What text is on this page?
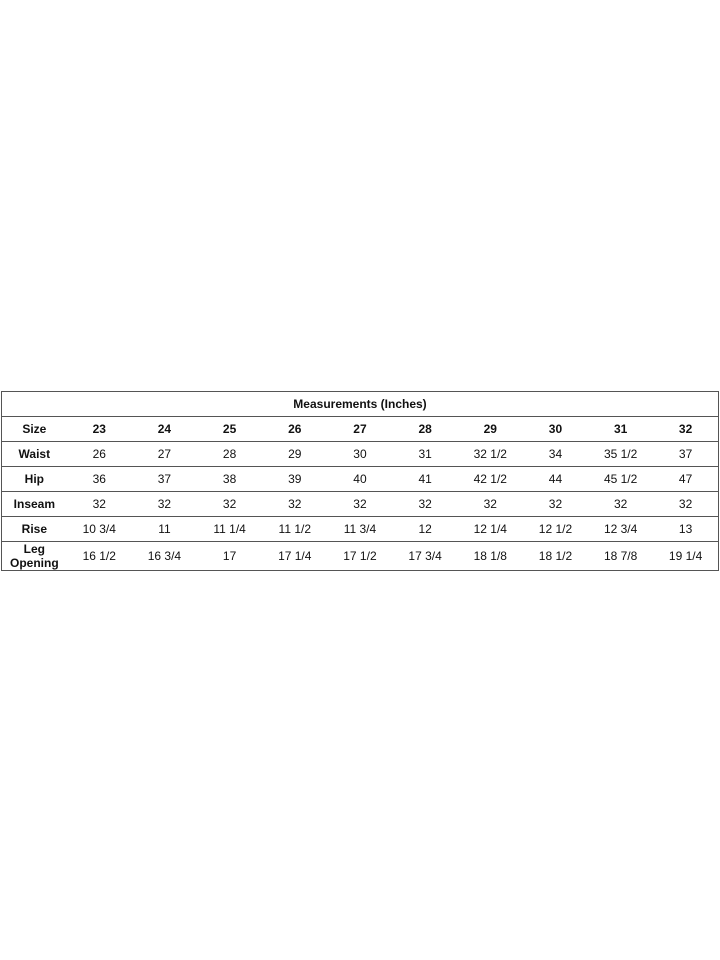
Measurements (Inches)										
Size	23	24	25	26	27	28	29	30	31	32
Waist	26	27	28	29	30	31	32 1/2	34	35 1/2	37
Hip	36	37	38	39	40	41	42 1/2	44	45 1/2	47
Inseam	32	32	32	32	32	32	32	32	32	32
Rise	10 3/4	11	11 1/4	11 1/2	11 3/4	12	12 1/4	12 1/2	12 3/4	13
Leg Opening	16 1/2	16 3/4	17	17 1/4	17 1/2	17 3/4	18 1/8	18 1/2	18 7/8	19 1/4
